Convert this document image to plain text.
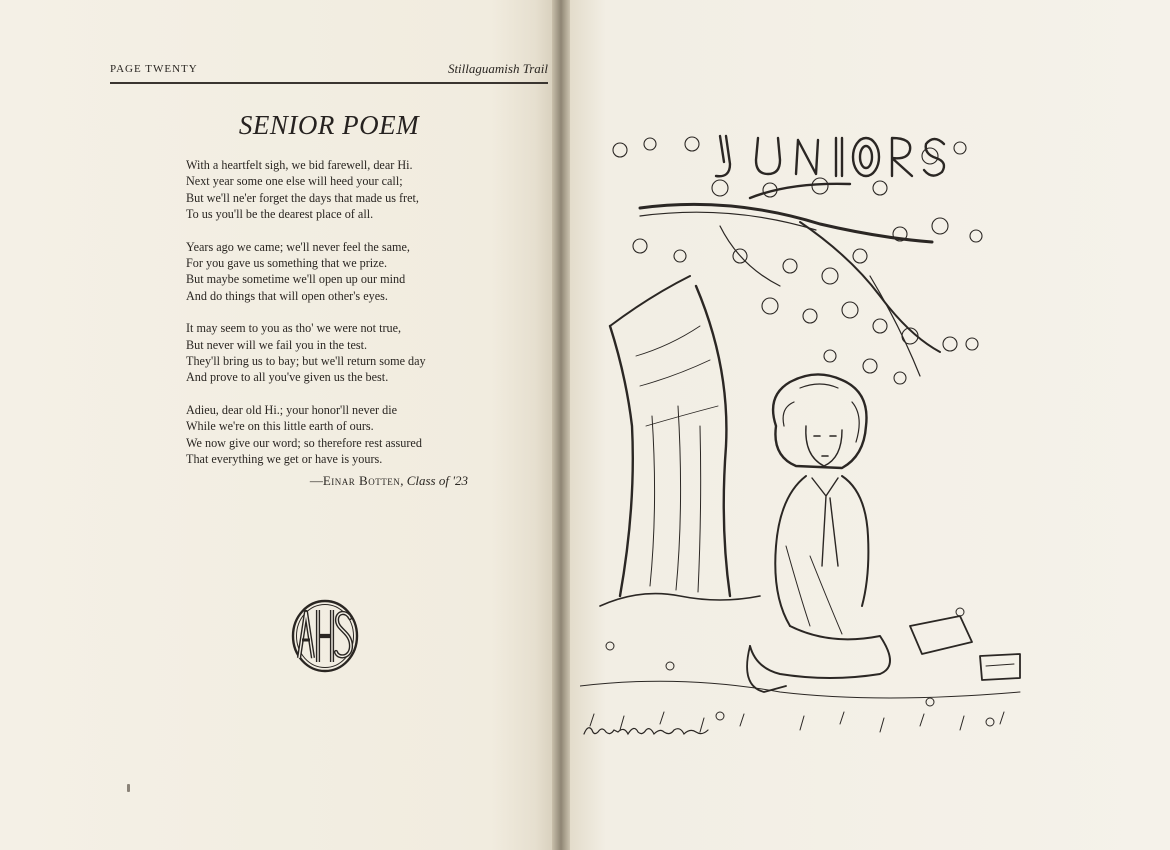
PAGE TWENTY	Stillaguamish Trail
SENIOR POEM
With a heartfelt sigh, we bid farewell, dear Hi.
Next year some one else will heed your call;
But we'll ne'er forget the days that made us fret,
To us you'll be the dearest place of all.
Years ago we came; we'll never feel the same,
For you gave us something that we prize.
But maybe sometime we'll open up our mind
And do things that will open other's eyes.
It may seem to you as tho' we were not true,
But never will we fail you in the test.
They'll bring us to bay; but we'll return some day
And prove to all you've given us the best.
Adieu, dear old Hi.; your honor'll never die
While we're on this little earth of ours.
We now give our word; so therefore rest assured
That everything we get or have is yours.
—Einar Botten, Class of '23
